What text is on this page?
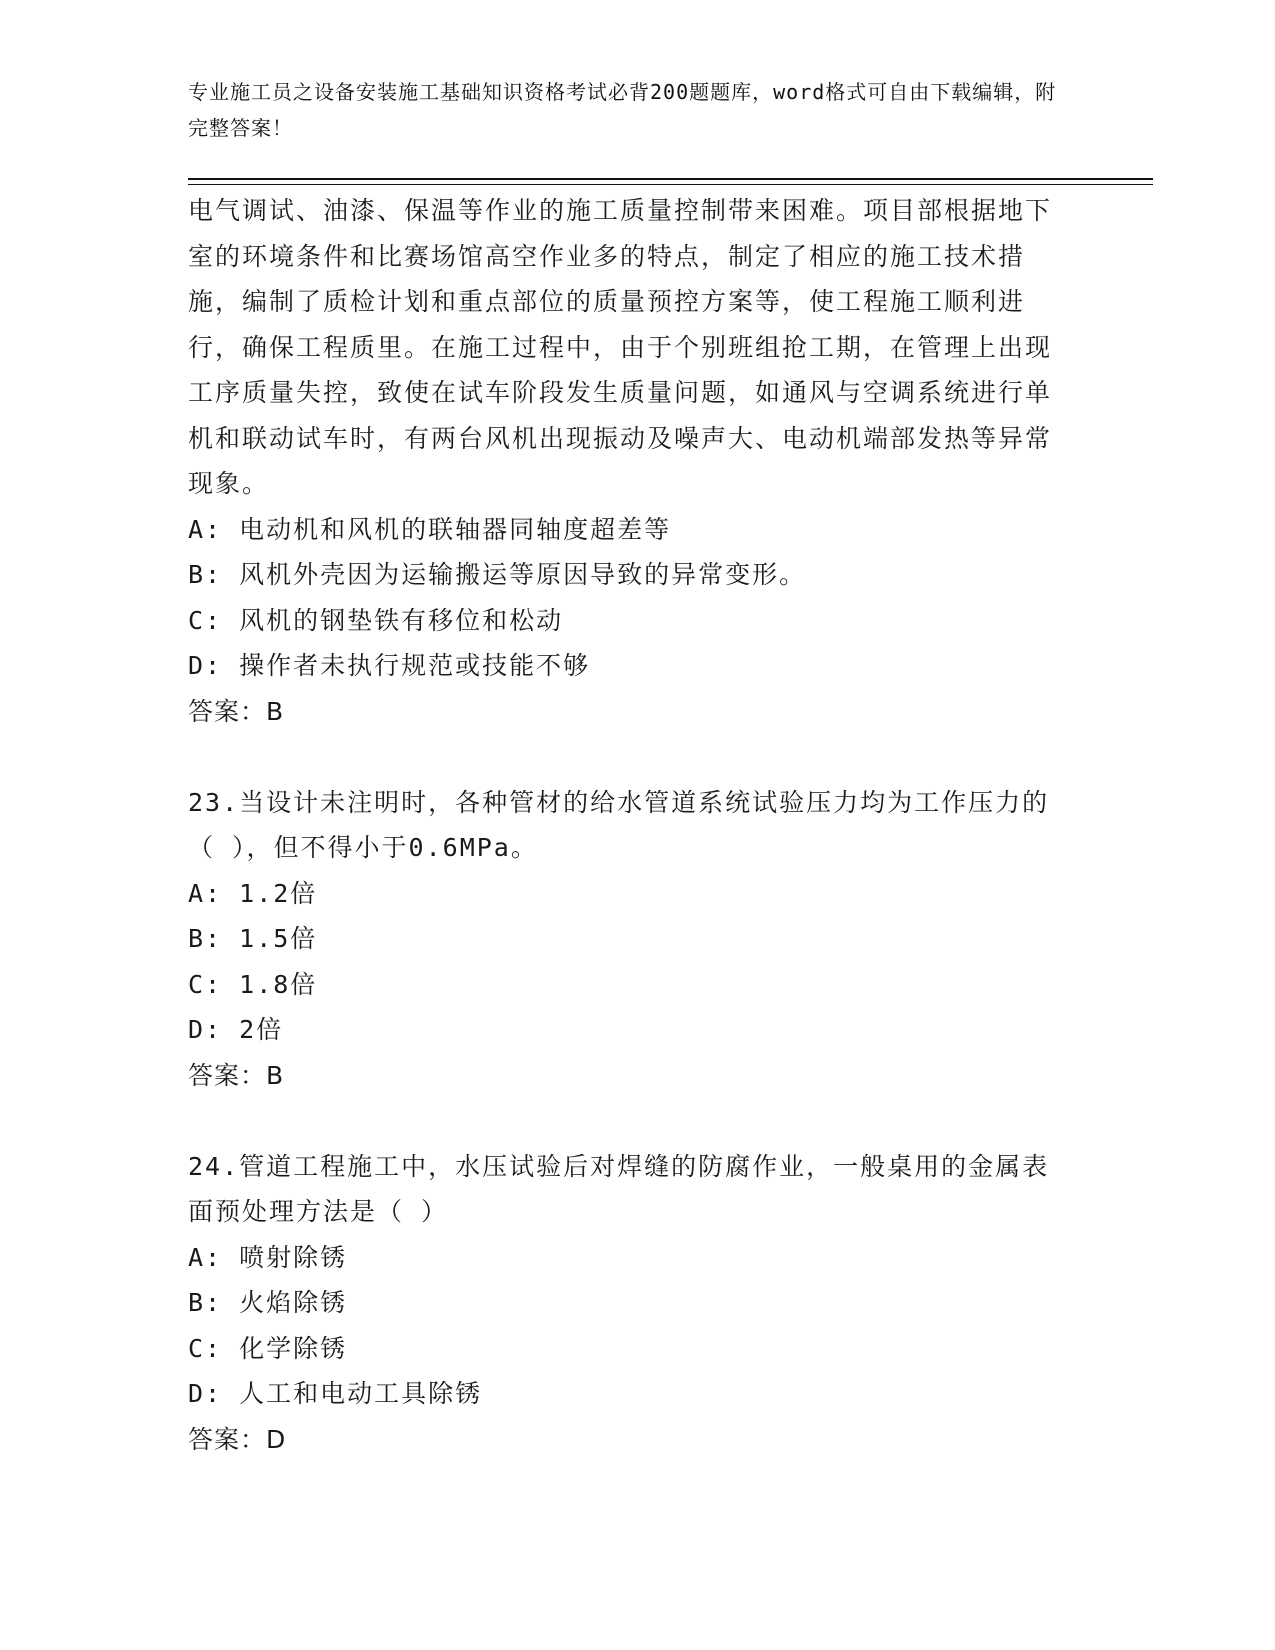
专业施工员之设备安装施工基础知识资格考试必背200题题库，word格式可自由下载编辑，附完整答案！

电气调试、油漆、保温等作业的施工质量控制带来困难。项目部根据地下室的环境条件和比赛场馆高空作业多的特点，制定了相应的施工技术措施，编制了质检计划和重点部位的质量预控方案等，使工程施工顺利进行，确保工程质里。在施工过程中，由于个别班组抢工期，在管理上出现工序质量失控，致使在试车阶段发生质量问题，如通风与空调系统进行单机和联动试车时，有两台风机出现振动及噪声大、电动机端部发热等异常现象。

A: 电动机和风机的联轴器同轴度超差等
B: 风机外壳因为运输搬运等原因导致的异常变形。
C: 风机的钢垫铁有移位和松动
D: 操作者未执行规范或技能不够
答案：B

23.当设计未注明时，各种管材的给水管道系统试验压力均为工作压力的（ ），但不得小于0.6MPa。

A: 1.2倍
B: 1.5倍
C: 1.8倍
D: 2倍
答案：B

24.管道工程施工中，水压试验后对焊缝的防腐作业，一般桌用的金属表面预处理方法是（ ）

A: 喷射除锈
B: 火焰除锈
C: 化学除锈
D: 人工和电动工具除锈
答案：D
